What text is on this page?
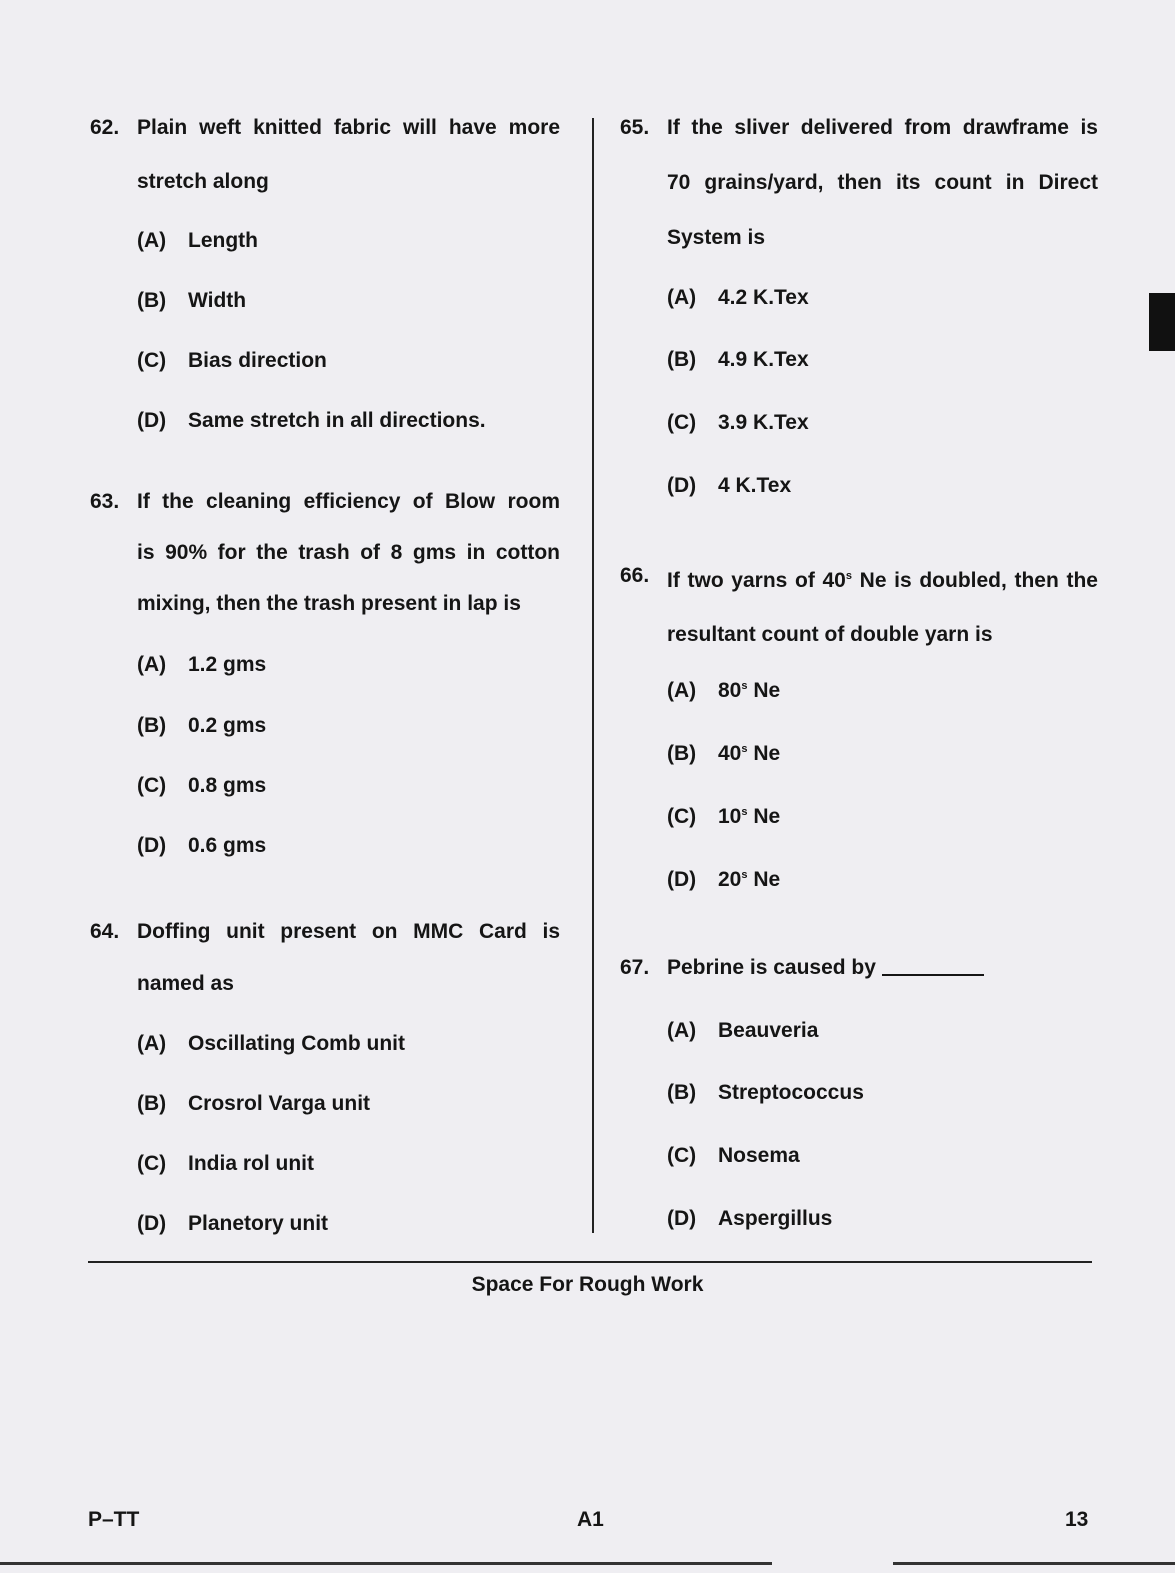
62. Plain weft knitted fabric will have more
stretch along
(A) Length
(B) Width
(C) Bias direction
(D) Same stretch in all directions.
63. If the cleaning efficiency of Blow room
is 90% for the trash of 8 gms in cotton
mixing, then the trash present in lap is
(A) 1.2 gms
(B) 0.2 gms
(C) 0.8 gms
(D) 0.6 gms
64. Doffing unit present on MMC Card is
named as
(A) Oscillating Comb unit
(B) Crosrol Varga unit
(C) India rol unit
(D) Planetory unit
65. If the sliver delivered from drawframe is
70 grains/yard, then its count in Direct
System is
(A) 4.2 K.Tex
(B) 4.9 K.Tex
(C) 3.9 K.Tex
(D) 4 K.Tex
66. If two yarns of 40$^s$ Ne is doubled, then the
resultant count of double yarn is
(A) 80$^s$ Ne
(B) 40$^s$ Ne
(C) 10$^s$ Ne
(D) 20$^s$ Ne
67. Pebrine is caused by
(A) Beauveria
(B) Streptococcus
(C) Nosema
(D) Aspergillus
Space For Rough Work
P–TT	A1	13
